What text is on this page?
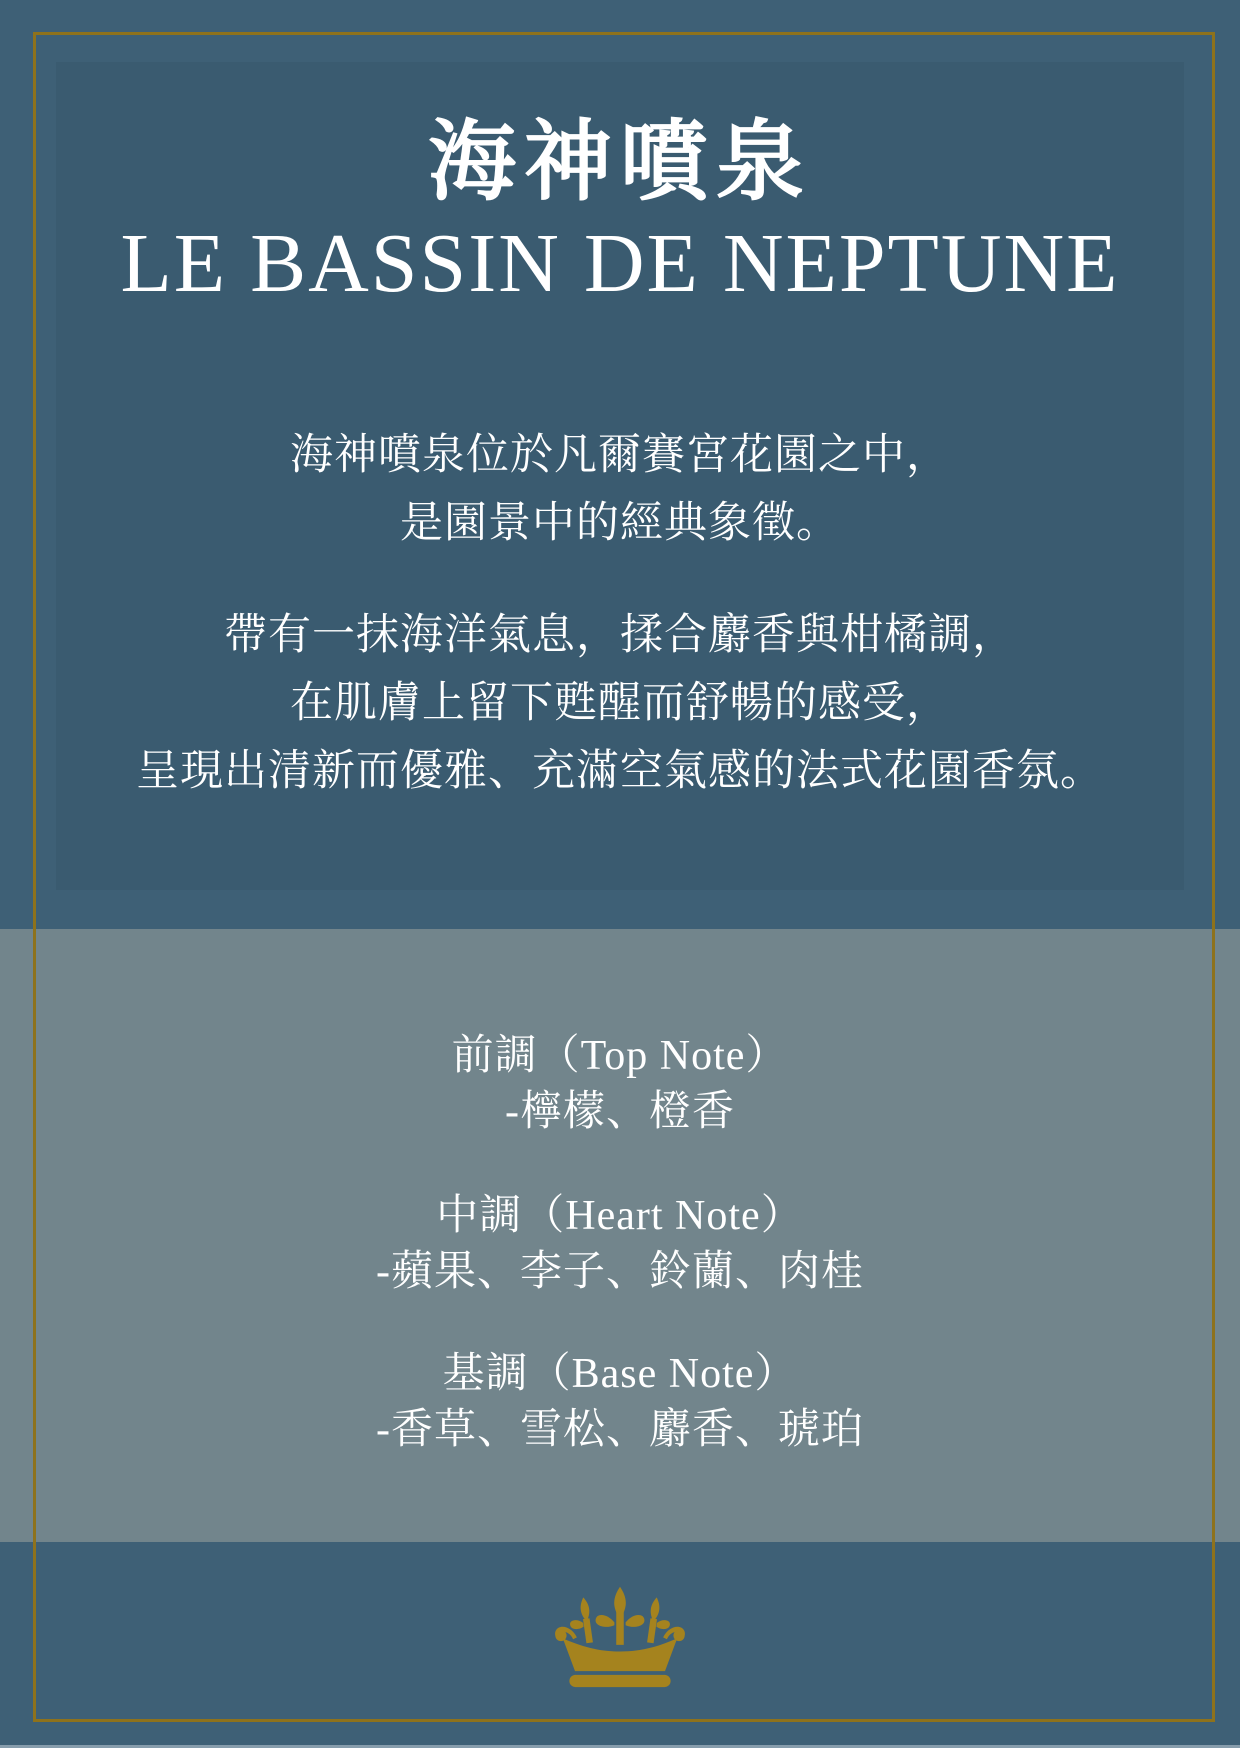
海神噴泉
LE BASSIN DE NEPTUNE
海神噴泉位於凡爾賽宮花園之中，
是園景中的經典象徵。
帶有一抹海洋氣息，揉合麝香與柑橘調，
在肌膚上留下甦醒而舒暢的感受，
呈現出清新而優雅、充滿空氣感的法式花園香氛。
前調（Top Note）
-檸檬、橙香
中調（Heart Note）
-蘋果、李子、鈴蘭、肉桂
基調（Base Note）
-香草、雪松、麝香、琥珀
